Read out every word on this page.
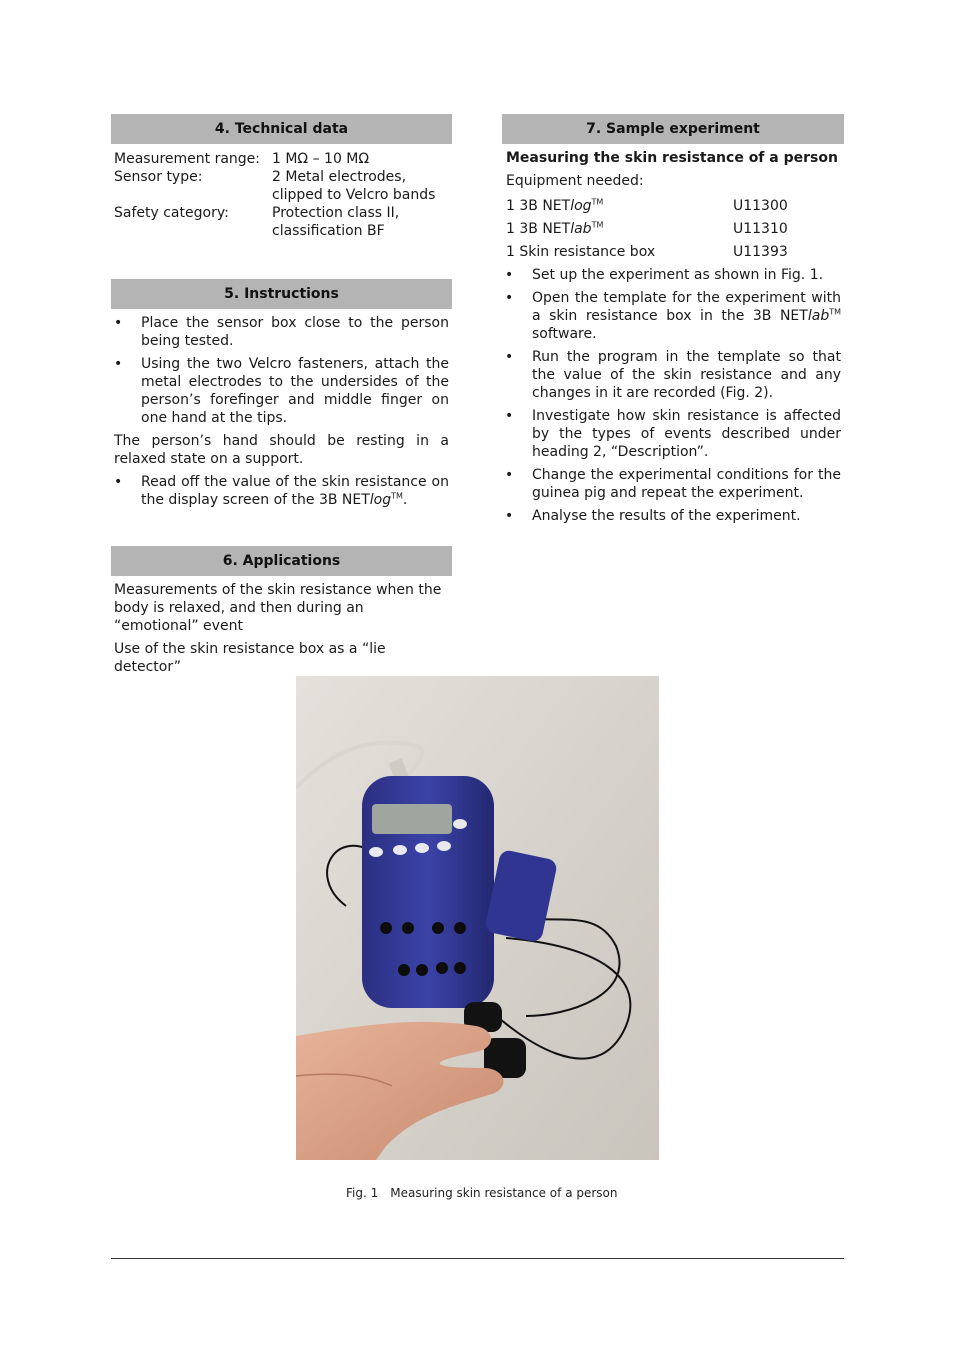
4. Technical data
Measurement range: 1 MΩ – 10 MΩ
Sensor type:	2 Metal electrodes, clipped to Velcro bands
Safety category:	Protection class II, classification BF
5. Instructions
• Place the sensor box close to the person being tested.
• Using the two Velcro fasteners, attach the metal electrodes to the undersides of the person’s forefinger and middle finger on one hand at the tips.
The person’s hand should be resting in a relaxed state on a support.
• Read off the value of the skin resistance on the display screen of the 3B NETlog™.
6. Applications
Measurements of the skin resistance when the body is relaxed, and then during an “emotional” event
Use of the skin resistance box as a “lie detector”
7. Sample experiment
Measuring the skin resistance of a person
Equipment needed:
1 3B NETlog™	U11300
1 3B NETlab™	U11310
1 Skin resistance box	U11393
• Set up the experiment as shown in Fig. 1.
• Open the template for the experiment with a skin resistance box in the 3B NETlab™ software.
• Run the program in the template so that the value of the skin resistance and any changes in it are recorded (Fig. 2).
• Investigate how skin resistance is affected by the types of events described under heading 2, “Description”.
• Change the experimental conditions for the guinea pig and repeat the experiment.
• Analyse the results of the experiment.
Fig. 1 Measuring skin resistance of a person
